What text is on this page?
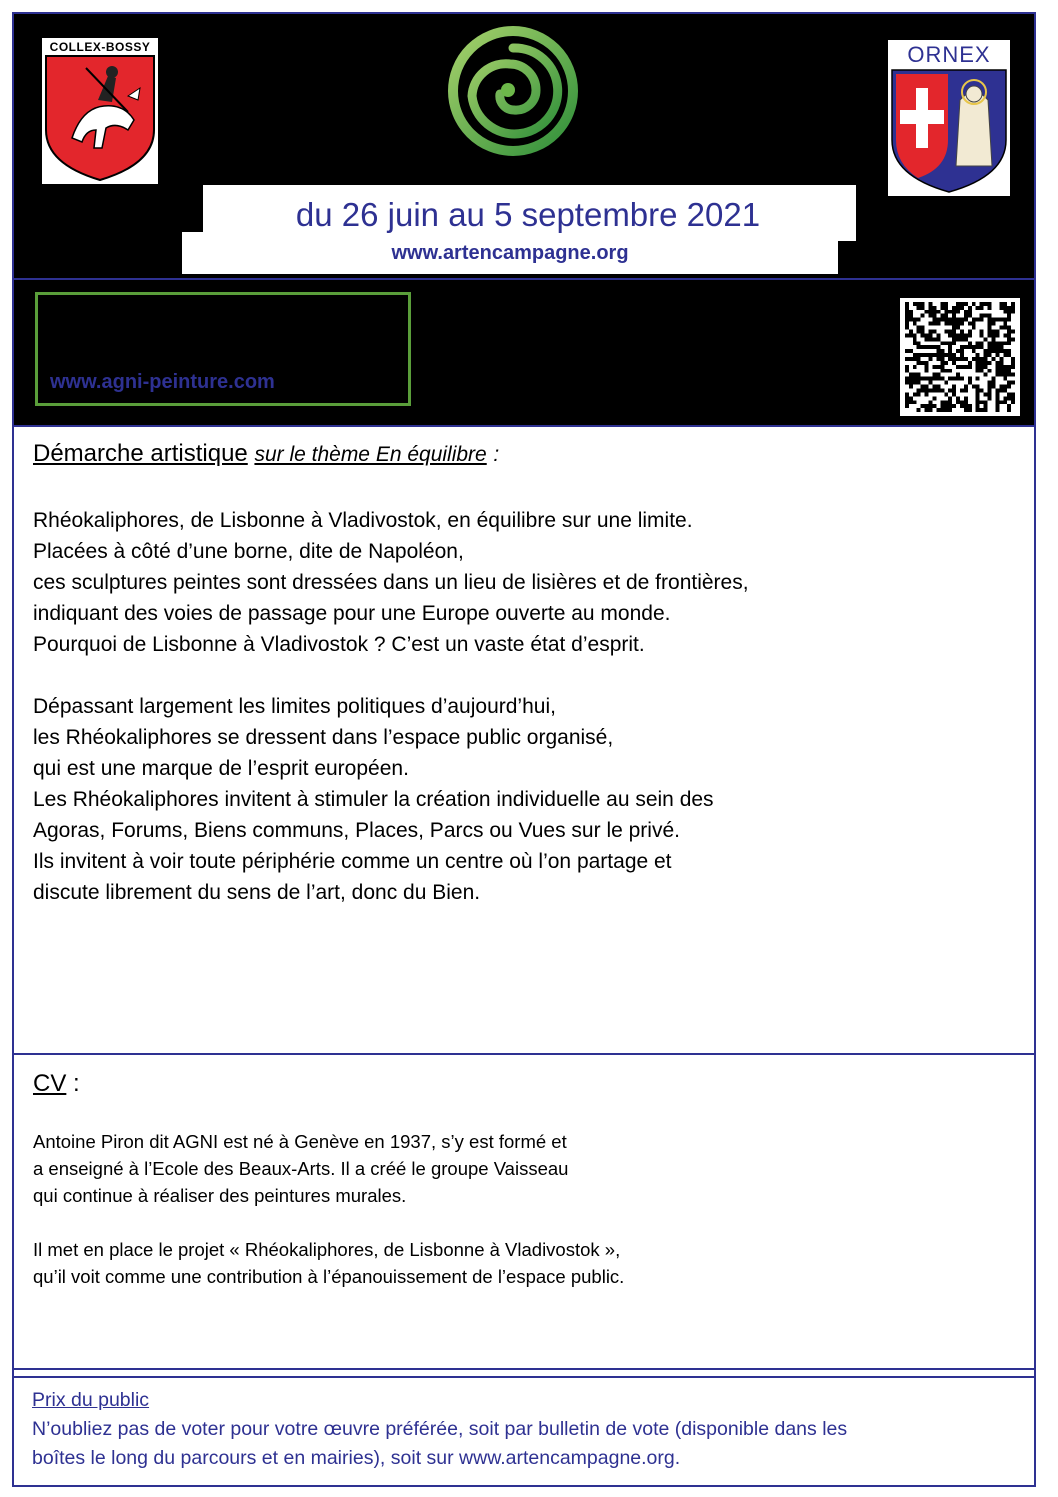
COLLEX-BOSSY	ORNEX
du 26 juin au 5 septembre 2021
www.artencampagne.org
www.agni-peinture.com
Démarche artistique sur le thème En équilibre :

Rhéokaliphores, de Lisbonne à Vladivostok, en équilibre sur une limite.
Placées à côté d’une borne, dite de Napoléon,
ces sculptures peintes sont dressées dans un lieu de lisières et de frontières,
indiquant des voies de passage pour une Europe ouverte au monde.
Pourquoi de Lisbonne à Vladivostok ? C’est un vaste état d’esprit.

Dépassant largement les limites politiques d’aujourd’hui,
les Rhéokaliphores se dressent dans l’espace public organisé,
qui est une marque de l’esprit européen.
Les Rhéokaliphores invitent à stimuler la création individuelle au sein des
Agoras, Forums, Biens communs, Places, Parcs ou Vues sur le privé.
Ils invitent à voir toute périphérie comme un centre où l’on partage et
discute librement du sens de l’art, donc du Bien.

CV :

Antoine Piron dit AGNI est né à Genève en 1937, s’y est formé et
a enseigné à l’Ecole des Beaux-Arts. Il a créé le groupe Vaisseau
qui continue à réaliser des peintures murales.

Il met en place le projet « Rhéokaliphores, de Lisbonne à Vladivostok »,
qu’il voit comme une contribution à l’épanouissement de l’espace public.

Prix du public
N’oubliez pas de voter pour votre œuvre préférée, soit par bulletin de vote (disponible dans les
boîtes le long du parcours et en mairies), soit sur www.artencampagne.org.
